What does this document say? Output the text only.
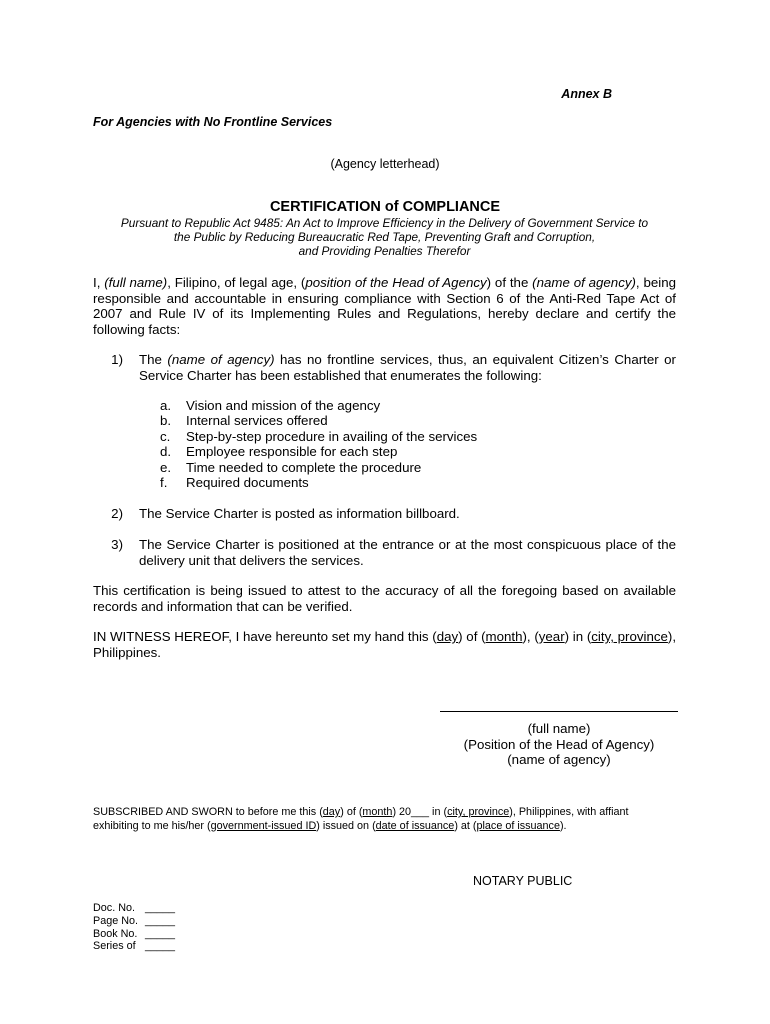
Annex B
For Agencies with No Frontline Services
(Agency letterhead)
CERTIFICATION of COMPLIANCE
Pursuant to Republic Act 9485: An Act to Improve Efficiency in the Delivery of Government Service to
the Public by Reducing Bureaucratic Red Tape, Preventing Graft and Corruption,
and Providing Penalties Therefor
I, (full name), Filipino, of legal age, (position of the Head of Agency) of the (name of agency), being responsible and accountable in ensuring compliance with Section 6 of the Anti-Red Tape Act of 2007 and Rule IV of its Implementing Rules and Regulations, hereby declare and certify the following facts:
1) The (name of agency) has no frontline services, thus, an equivalent Citizen’s Charter or Service Charter has been established that enumerates the following:
a.	Vision and mission of the agency
b.	Internal services offered
c.	Step-by-step procedure in availing of the services
d.	Employee responsible for each step
e.	Time needed to complete the procedure
f.	Required documents
2) The Service Charter is posted as information billboard.
3) The Service Charter is positioned at the entrance or at the most conspicuous place of the delivery unit that delivers the services.
This certification is being issued to attest to the accuracy of all the foregoing based on available records and information that can be verified.
IN WITNESS HEREOF, I have hereunto set my hand this (day) of (month), (year) in (city, province), Philippines.
(full name)
(Position of the Head of Agency)
(name of agency)
SUBSCRIBED AND SWORN to before me this (day) of (month) 20___ in (city, province), Philippines, with affiant exhibiting to me his/her (government-issued ID) issued on (date of issuance) at (place of issuance).
NOTARY PUBLIC
Doc. No. _____
Page No. _____
Book No. _____
Series of _____
